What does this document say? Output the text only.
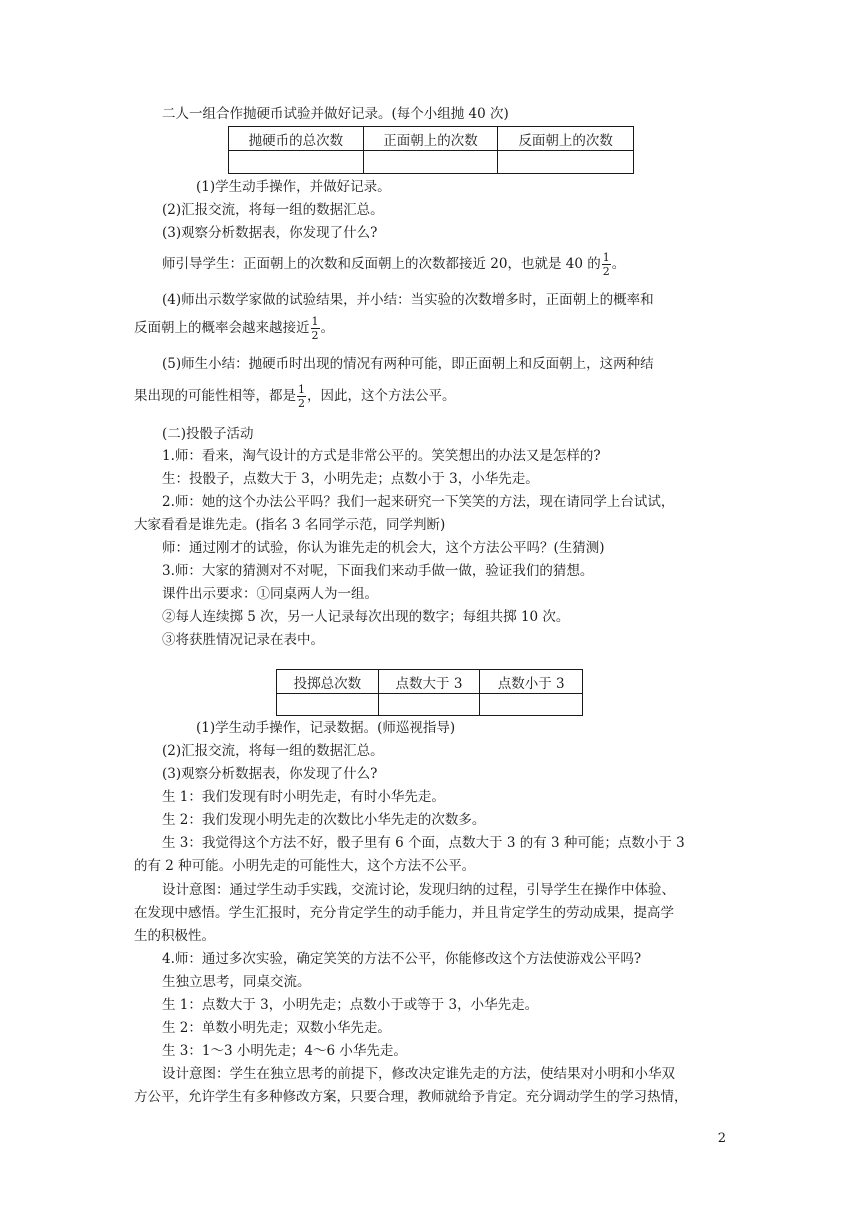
二人一组合作抛硬币试验并做好记录。(每个小组抛 40 次)
抛硬币的总次数	正面朝上的次数	反面朝上的次数

(1)学生动手操作，并做好记录。
(2)汇报交流，将每一组的数据汇总。
(3)观察分析数据表，你发现了什么?
师引导学生：正面朝上的次数和反面朝上的次数都接近 20，也就是 40 的 $\frac{1}{2}$ 。
(4)师出示数学家做的试验结果，并小结：当实验的次数增多时，正面朝上的概率和
反面朝上的概率会越来越接近 $\frac{1}{2}$ 。
(5)师生小结：抛硬币时出现的情况有两种可能，即正面朝上和反面朝上，这两种结
果出现的可能性相等，都是 $\frac{1}{2}$ ，因此，这个方法公平。
(二)投骰子活动
1.师：看来，淘气设计的方式是非常公平的。笑笑想出的办法又是怎样的?
生：投骰子，点数大于 3，小明先走；点数小于 3，小华先走。
2.师：她的这个办法公平吗？我们一起来研究一下笑笑的方法，现在请同学上台试试，
大家看看是谁先走。(指名 3 名同学示范，同学判断)
师：通过刚才的试验，你认为谁先走的机会大，这个方法公平吗？(生猜测)
3.师：大家的猜测对不对呢，下面我们来动手做一做，验证我们的猜想。
课件出示要求：①同桌两人为一组。
②每人连续掷 5 次，另一人记录每次出现的数字；每组共掷 10 次。
③将获胜情况记录在表中。
投掷总次数	点数大于 3	点数小于 3

(1)学生动手操作，记录数据。(师巡视指导)
(2)汇报交流，将每一组的数据汇总。
(3)观察分析数据表，你发现了什么?
生 1：我们发现有时小明先走，有时小华先走。
生 2：我们发现小明先走的次数比小华先走的次数多。
生 3：我觉得这个方法不好，骰子里有 6 个面，点数大于 3 的有 3 种可能；点数小于 3
的有 2 种可能。小明先走的可能性大，这个方法不公平。
设计意图：通过学生动手实践，交流讨论，发现归纳的过程，引导学生在操作中体验、
在发现中感悟。学生汇报时，充分肯定学生的动手能力，并且肯定学生的劳动成果，提高学
生的积极性。
4.师：通过多次实验，确定笑笑的方法不公平，你能修改这个方法使游戏公平吗?
生独立思考，同桌交流。
生 1：点数大于 3，小明先走；点数小于或等于 3，小华先走。
生 2：单数小明先走；双数小华先走。
生 3：1～3 小明先走；4～6 小华先走。
设计意图：学生在独立思考的前提下，修改决定谁先走的方法，使结果对小明和小华双
方公平，允许学生有多种修改方案，只要合理，教师就给予肯定。充分调动学生的学习热情，
2
